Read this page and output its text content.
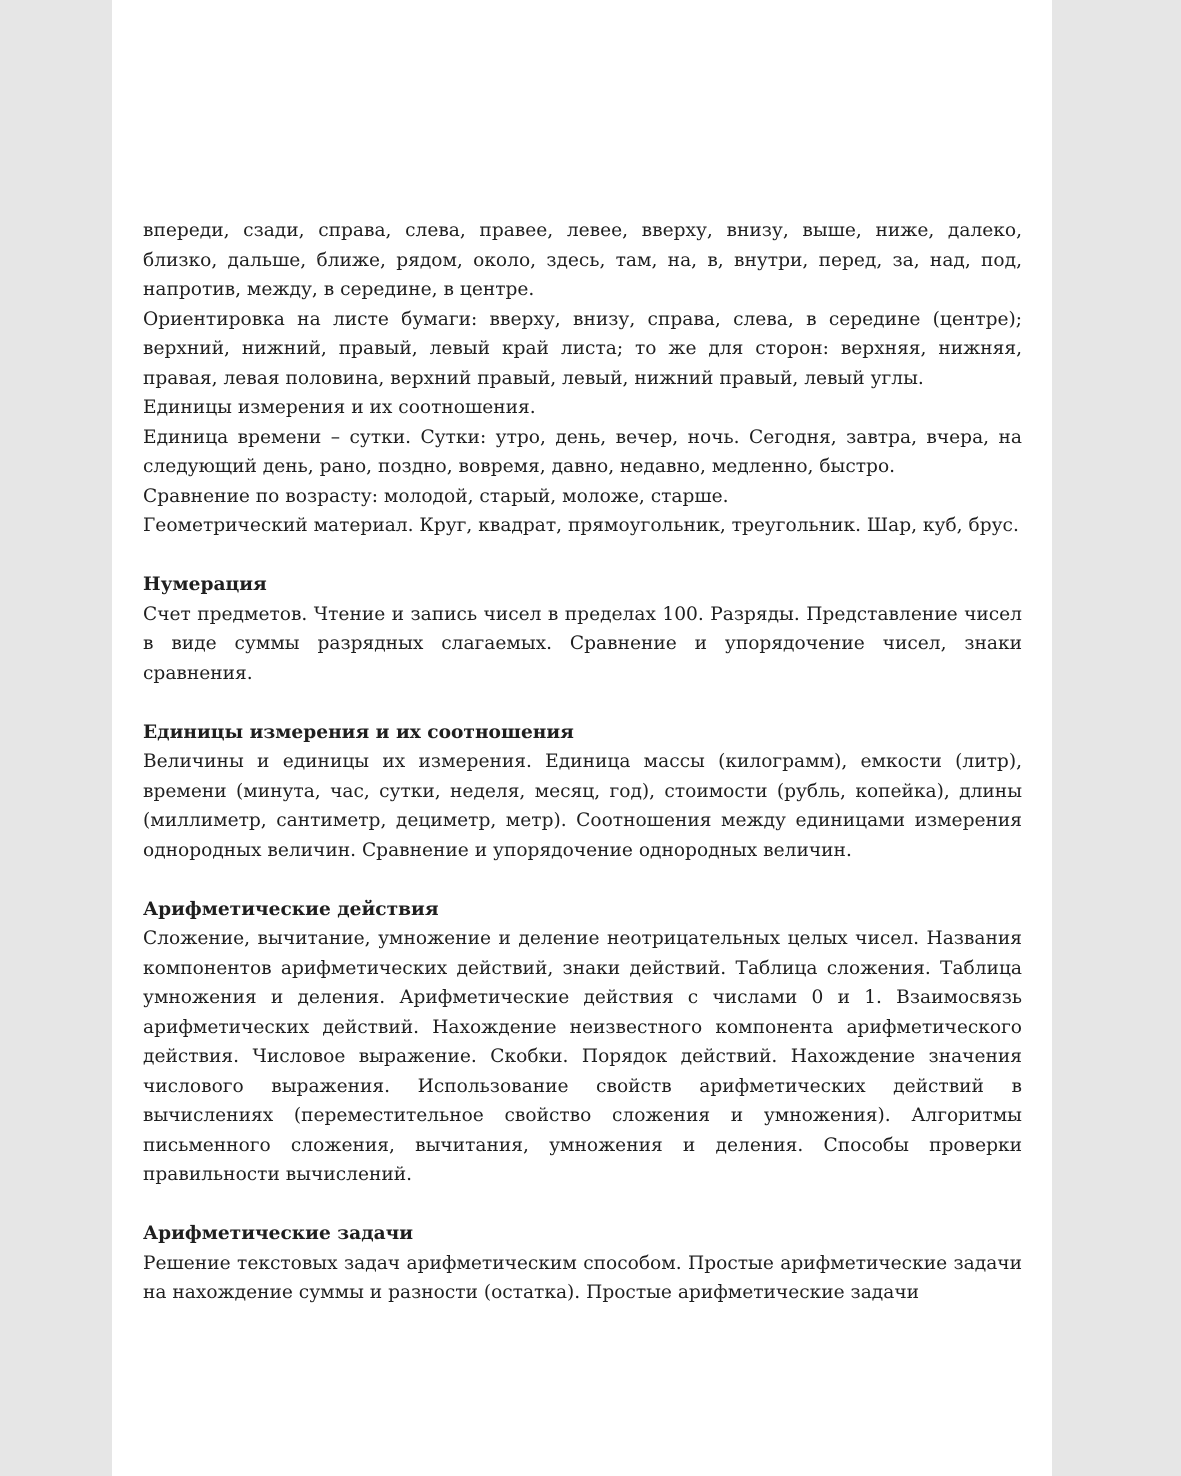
впереди, сзади, справа, слева, правее, левее, вверху, внизу, выше, ниже, далеко, близко, дальше, ближе, рядом, около, здесь, там, на, в, внутри, перед, за, над, под, напротив, между, в середине, в центре.

Ориентировка на листе бумаги: вверху, внизу, справа, слева, в середине (центре); верхний, нижний, правый, левый край листа; то же для сторон: верхняя, нижняя, правая, левая половина, верхний правый, левый, нижний правый, левый углы.

Единицы измерения и их соотношения.

Единица времени – сутки. Сутки: утро, день, вечер, ночь. Сегодня, завтра, вчера, на следующий день, рано, поздно, вовремя, давно, недавно, медленно, быстро.

Сравнение по возрасту: молодой, старый, моложе, старше.

Геометрический материал. Круг, квадрат, прямоугольник, треугольник. Шар, куб, брус.

Нумерация

Счет предметов. Чтение и запись чисел в пределах 100. Разряды. Представление чисел в виде суммы разрядных слагаемых. Сравнение и упорядочение чисел, знаки сравнения.

Единицы измерения и их соотношения

Величины и единицы их измерения. Единица массы (килограмм), емкости (литр), времени (минута, час, сутки, неделя, месяц, год), стоимости (рубль, копейка), длины (миллиметр, сантиметр, дециметр, метр). Соотношения между единицами измерения однородных величин. Сравнение и упорядочение однородных величин.

Арифметические действия

Сложение, вычитание, умножение и деление неотрицательных целых чисел. Названия компонентов арифметических действий, знаки действий. Таблица сложения. Таблица умножения и деления. Арифметические действия с числами 0 и 1. Взаимосвязь арифметических действий. Нахождение неизвестного компонента арифметического действия. Числовое выражение. Скобки. Порядок действий. Нахождение значения числового выражения. Использование свойств арифметических действий в вычислениях (переместительное свойство сложения и умножения). Алгоритмы письменного сложения, вычитания, умножения и деления. Способы проверки правильности вычислений.

Арифметические задачи

Решение текстовых задач арифметическим способом. Простые арифметические задачи на нахождение суммы и разности (остатка). Простые арифметические задачи
